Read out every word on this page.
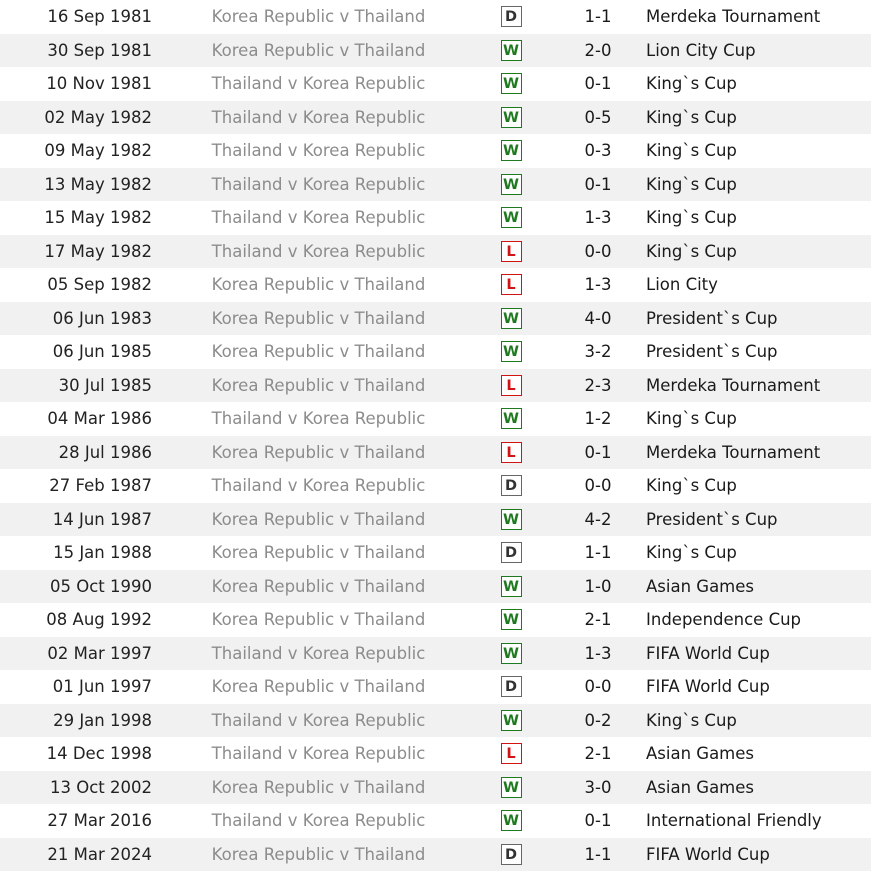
16 Sep 1981	Korea Republic v Thailand	D	1-1	Merdeka Tournament
30 Sep 1981	Korea Republic v Thailand	W	2-0	Lion City Cup
10 Nov 1981	Thailand v Korea Republic	W	0-1	King`s Cup
02 May 1982	Thailand v Korea Republic	W	0-5	King`s Cup
09 May 1982	Thailand v Korea Republic	W	0-3	King`s Cup
13 May 1982	Thailand v Korea Republic	W	0-1	King`s Cup
15 May 1982	Thailand v Korea Republic	W	1-3	King`s Cup
17 May 1982	Thailand v Korea Republic	L	0-0	King`s Cup
05 Sep 1982	Korea Republic v Thailand	L	1-3	Lion City
06 Jun 1983	Korea Republic v Thailand	W	4-0	President`s Cup
06 Jun 1985	Korea Republic v Thailand	W	3-2	President`s Cup
30 Jul 1985	Korea Republic v Thailand	L	2-3	Merdeka Tournament
04 Mar 1986	Thailand v Korea Republic	W	1-2	King`s Cup
28 Jul 1986	Korea Republic v Thailand	L	0-1	Merdeka Tournament
27 Feb 1987	Thailand v Korea Republic	D	0-0	King`s Cup
14 Jun 1987	Korea Republic v Thailand	W	4-2	President`s Cup
15 Jan 1988	Korea Republic v Thailand	D	1-1	King`s Cup
05 Oct 1990	Korea Republic v Thailand	W	1-0	Asian Games
08 Aug 1992	Korea Republic v Thailand	W	2-1	Independence Cup
02 Mar 1997	Thailand v Korea Republic	W	1-3	FIFA World Cup
01 Jun 1997	Korea Republic v Thailand	D	0-0	FIFA World Cup
29 Jan 1998	Thailand v Korea Republic	W	0-2	King`s Cup
14 Dec 1998	Thailand v Korea Republic	L	2-1	Asian Games
13 Oct 2002	Korea Republic v Thailand	W	3-0	Asian Games
27 Mar 2016	Thailand v Korea Republic	W	0-1	International Friendly
21 Mar 2024	Korea Republic v Thailand	D	1-1	FIFA World Cup
